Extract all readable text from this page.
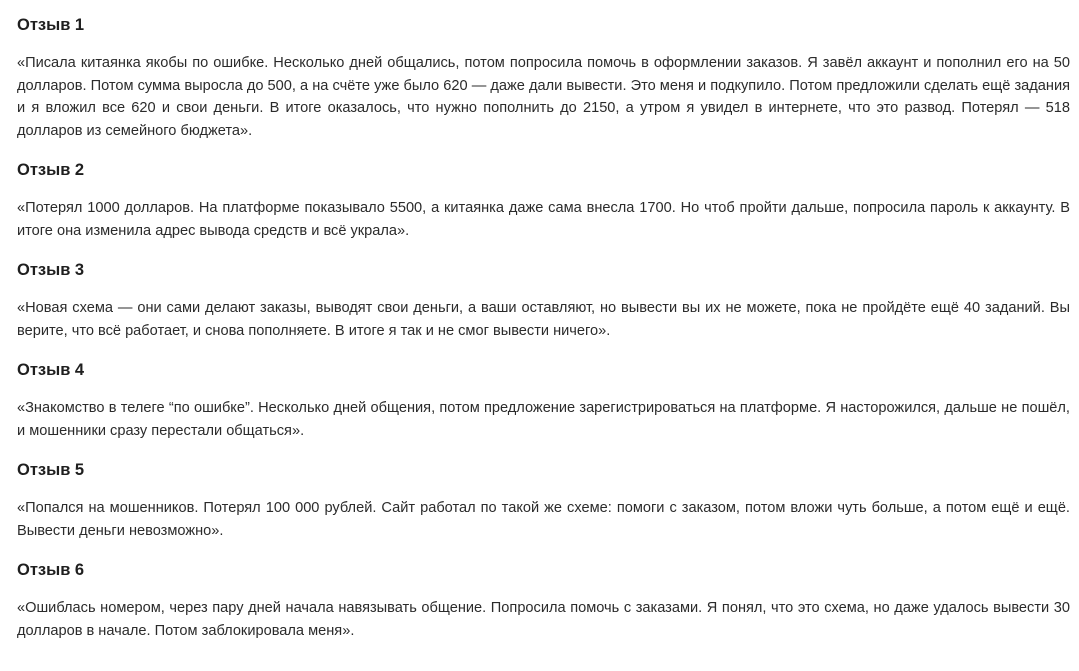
Отзыв 1

«Писала китаянка якобы по ошибке. Несколько дней общались, потом попросила помочь в оформлении заказов. Я завёл аккаунт и пополнил его на 50 долларов. Потом сумма выросла до 500, а на счёте уже было 620 — даже дали вывести. Это меня и подкупило. Потом предложили сделать ещё задания и я вложил все 620 и свои деньги. В итоге оказалось, что нужно пополнить до 2150, а утром я увидел в интернете, что это развод. Потерял — 518 долларов из семейного бюджета».

Отзыв 2

«Потерял 1000 долларов. На платформе показывало 5500, а китаянка даже сама внесла 1700. Но чтоб пройти дальше, попросила пароль к аккаунту. В итоге она изменила адрес вывода средств и всё украла».

Отзыв 3

«Новая схема — они сами делают заказы, выводят свои деньги, а ваши оставляют, но вывести вы их не можете, пока не пройдёте ещё 40 заданий. Вы верите, что всё работает, и снова пополняете. В итоге я так и не смог вывести ничего».

Отзыв 4

«Знакомство в телеге “по ошибке”. Несколько дней общения, потом предложение зарегистрироваться на платформе. Я насторожился, дальше не пошёл, и мошенники сразу перестали общаться».

Отзыв 5

«Попался на мошенников. Потерял 100 000 рублей. Сайт работал по такой же схеме: помоги с заказом, потом вложи чуть больше, а потом ещё и ещё. Вывести деньги невозможно».

Отзыв 6

«Ошиблась номером, через пару дней начала навязывать общение. Попросила помочь с заказами. Я понял, что это схема, но даже удалось вывести 30 долларов в начале. Потом заблокировала меня».
